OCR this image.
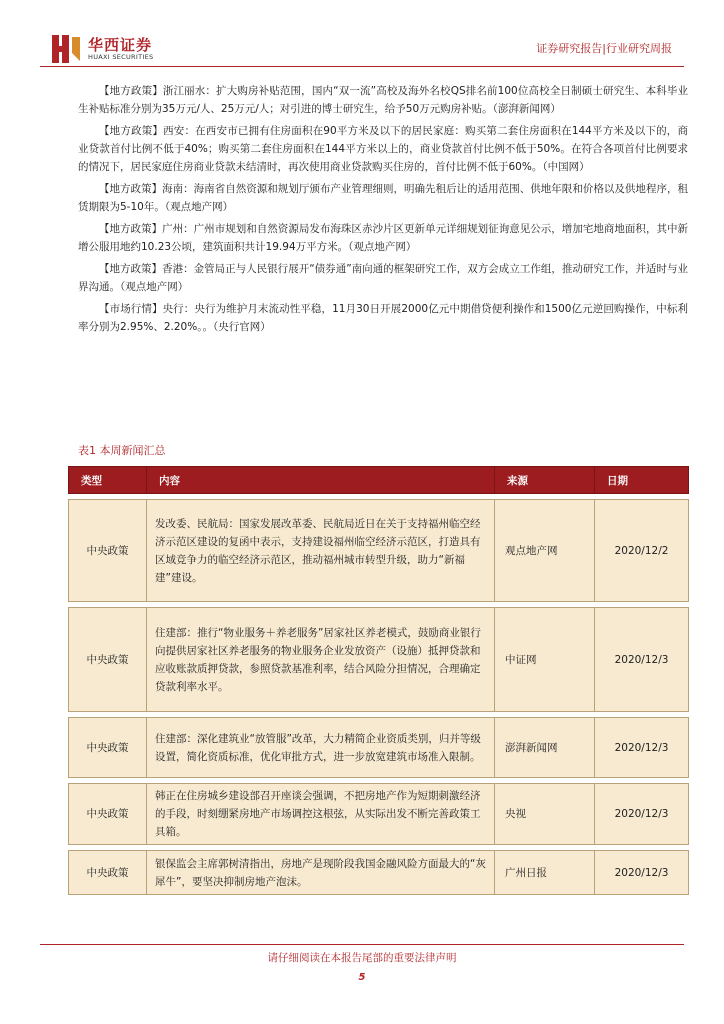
华西证券
HUAXI SECURITIES
证券研究报告|行业研究周报

【地方政策】浙江丽水：扩大购房补贴范围，国内“双一流”高校及海外名校QS排名前100位高校全日制硕士研究生、本科毕业生补贴标准分别为35万元/人、25万元/人；对引进的博士研究生，给予50万元购房补贴。（澎湃新闻网）

【地方政策】西安：在西安市已拥有住房面积在90平方米及以下的居民家庭：购买第二套住房面积在144平方米及以下的，商业贷款首付比例不低于40%；购买第二套住房面积在144平方米以上的，商业贷款首付比例不低于50%。在符合各项首付比例要求的情况下，居民家庭住房商业贷款未结清时，再次使用商业贷款购买住房的，首付比例不低于60%。（中国网）

【地方政策】海南：海南省自然资源和规划厅颁布产业管理细则，明确先租后让的适用范围、供地年限和价格以及供地程序，租赁期限为5-10年。（观点地产网）

【地方政策】广州：广州市规划和自然资源局发布海珠区赤沙片区更新单元详细规划征询意见公示，增加宅地商地面积，其中新增公服用地约10.23公顷，建筑面积共计19.94万平方米。（观点地产网）

【地方政策】香港：金管局正与人民银行展开“债券通”南向通的框架研究工作，双方会成立工作组，推动研究工作，并适时与业界沟通。（观点地产网）

【市场行情】央行：央行为维护月末流动性平稳，11月30日开展2000亿元中期借贷便利操作和1500亿元逆回购操作，中标利率分别为2.95%、2.20%。。（央行官网）

表1 本周新闻汇总
类型	内容	来源	日期

中央政策	发改委、民航局：国家发展改革委、民航局近日在关于支持福州临空经济示范区建设的复函中表示，支持建设福州临空经济示范区，打造具有区域竞争力的临空经济示范区，推动福州城市转型升级，助力“新福建”建设。	观点地产网	2020/12/2

中央政策	住建部：推行“物业服务＋养老服务”居家社区养老模式，鼓励商业银行向提供居家社区养老服务的物业服务企业发放资产（设施）抵押贷款和应收账款质押贷款，参照贷款基准利率，结合风险分担情况，合理确定贷款利率水平。	中证网	2020/12/3

中央政策	住建部：深化建筑业“放管服”改革，大力精简企业资质类别，归并等级设置，简化资质标准，优化审批方式，进一步放宽建筑市场准入限制。	澎湃新闻网	2020/12/3

中央政策	韩正在住房城乡建设部召开座谈会强调，不把房地产作为短期刺激经济的手段，时刻绷紧房地产市场调控这根弦，从实际出发不断完善政策工具箱。	央视	2020/12/3

中央政策	银保监会主席郭树清指出，房地产是现阶段我国金融风险方面最大的“灰犀牛”，要坚决抑制房地产泡沫。	广州日报	2020/12/3
请仔细阅读在本报告尾部的重要法律声明
5
